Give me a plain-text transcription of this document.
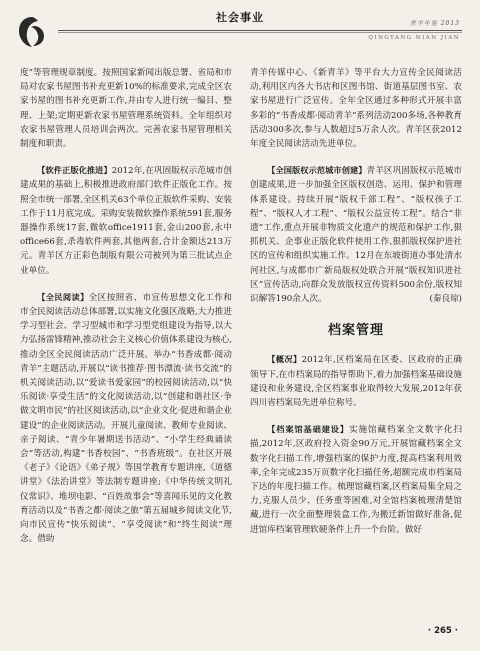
社会事业	青羊年鉴 2013
QINGYANG NIAN JIAN

度”等管理规章制度。按照国家新闻出版总署、省局和市局对农家书屋图书补充更新10%的标准要求,完成全区农家书屋的图书补充更新工作,并由专人进行统一编目、整理、上架;定期更新农家书屋管理系统资料。全年组织对农家书屋管理人员培训会两次。完善农家书屋管理相关制度和职责。

【软件正版化推进】2012年,在巩固版权示范城市创建成果的基础上,积极推进政府部门软件正版化工作。按照全市统一部署,全区机关63个单位正版软件采购、安装工作于11月底完成。采购安装微软操作系统591套,服务器操作系统17套,微软office1911套,金山200套,永中office66套,杀毒软件两套,其他两套,合计金额达213万元。青羊区方正彩色制版有限公司被列为第三批试点企业单位。

【全民阅读】全区按照省、市宣传思想文化工作和市全民阅读活动总体部署,以实施文化强区战略,大力推进学习型社会、学习型城市和学习型党组建设为指导,以大力弘扬雷锋精神,推动社会主义核心价值体系建设为核心,推动全区全民阅读活动广泛开展。举办“书香成都·阅动青羊”主题活动,开展以“读书推荐·图书漂流·读书交流”的机关阅读活动,以“爱读书爱家园”的校园阅读活动,以“快乐阅读·享受生活”的文化阅读活动,以“创建和谐社区·争做文明市民”的社区阅读活动,以“企业文化·促进和谐企业建设”的企业阅读活动。开展儿童阅读、教师专业阅读、亲子阅读、“青少年暑期送书活动”、“小学生经典诵读会”等活动,构建“书香校园”、“书香班级”。在社区开展《老子》《论语》《弟子规》等国学教育专题讲座,《道德讲堂》《法治讲堂》等法制专题讲座;《中华传统文明礼仪常识》、堆坝电影、“百姓故事会”等喜闻乐见的文化教育活动以及“书香之都·阅读之旅”第五届城乡阅读文化节,向市民宣传“快乐阅读”、“享受阅读”和“终生阅读”理念。借助

青羊传媒中心、《新青羊》等平台大力宣传全民阅读活动,利用区内各大书店和区图书馆、街道基层图书室、农家书屋进行广泛宣传。全年全区通过多种形式开展丰富多彩的“书香成都·阅动青羊”系列活动200多场,各种教育活动300多次,参与人数超过5万余人次。青羊区获2012年度全民阅读活动先进单位。

【全国版权示范城市创建】青羊区巩固版权示范城市创建成果,进一步加强全区版权创造、运用、保护和管理体系建设。持续开展“版权千部工程”、“版权孩子工程”、“版权人才工程”、“版权公益宣传工程”。结合“非遗”工作,重点开展非物质文化遗产的规范和保护工作,狠抓机关、企事业正版化软件使用工作,狠抓版权保护进社区的宣传和组织实施工作。12月在东坡街道办事处清水河社区,与成都市广新局版权处联合开展“版权知识进社区”宣传活动,向群众发放版权宣传资料500余份,版权知识解答190余人次。	(秦良琼)

档案管理

【概况】2012年,区档案局在区委、区政府的正确领导下,在市档案局的指导帮助下,着力加强档案基础设施建设和业务建设,全区档案事业取得较大发展,2012年获四川省档案局先进单位称号。

【档案馆基础建设】实施馆藏档案全文数字化扫描,2012年,区政府投入资金90万元,开展馆藏档案全文数字化扫描工作,增强档案的保护力度,提高档案利用效率,全年完成235万页数字化扫描任务,超额完成市档案局下达的年度扫描工作。梳理馆藏档案,区档案局集全局之力,克服人员少、任务重等困难,对全馆档案梳理清楚馆藏,进行一次全面整理装盒工作,为搬迁新馆做好准备,促进馆库档案管理软硬条件上升一个台阶。做好

· 265 ·
